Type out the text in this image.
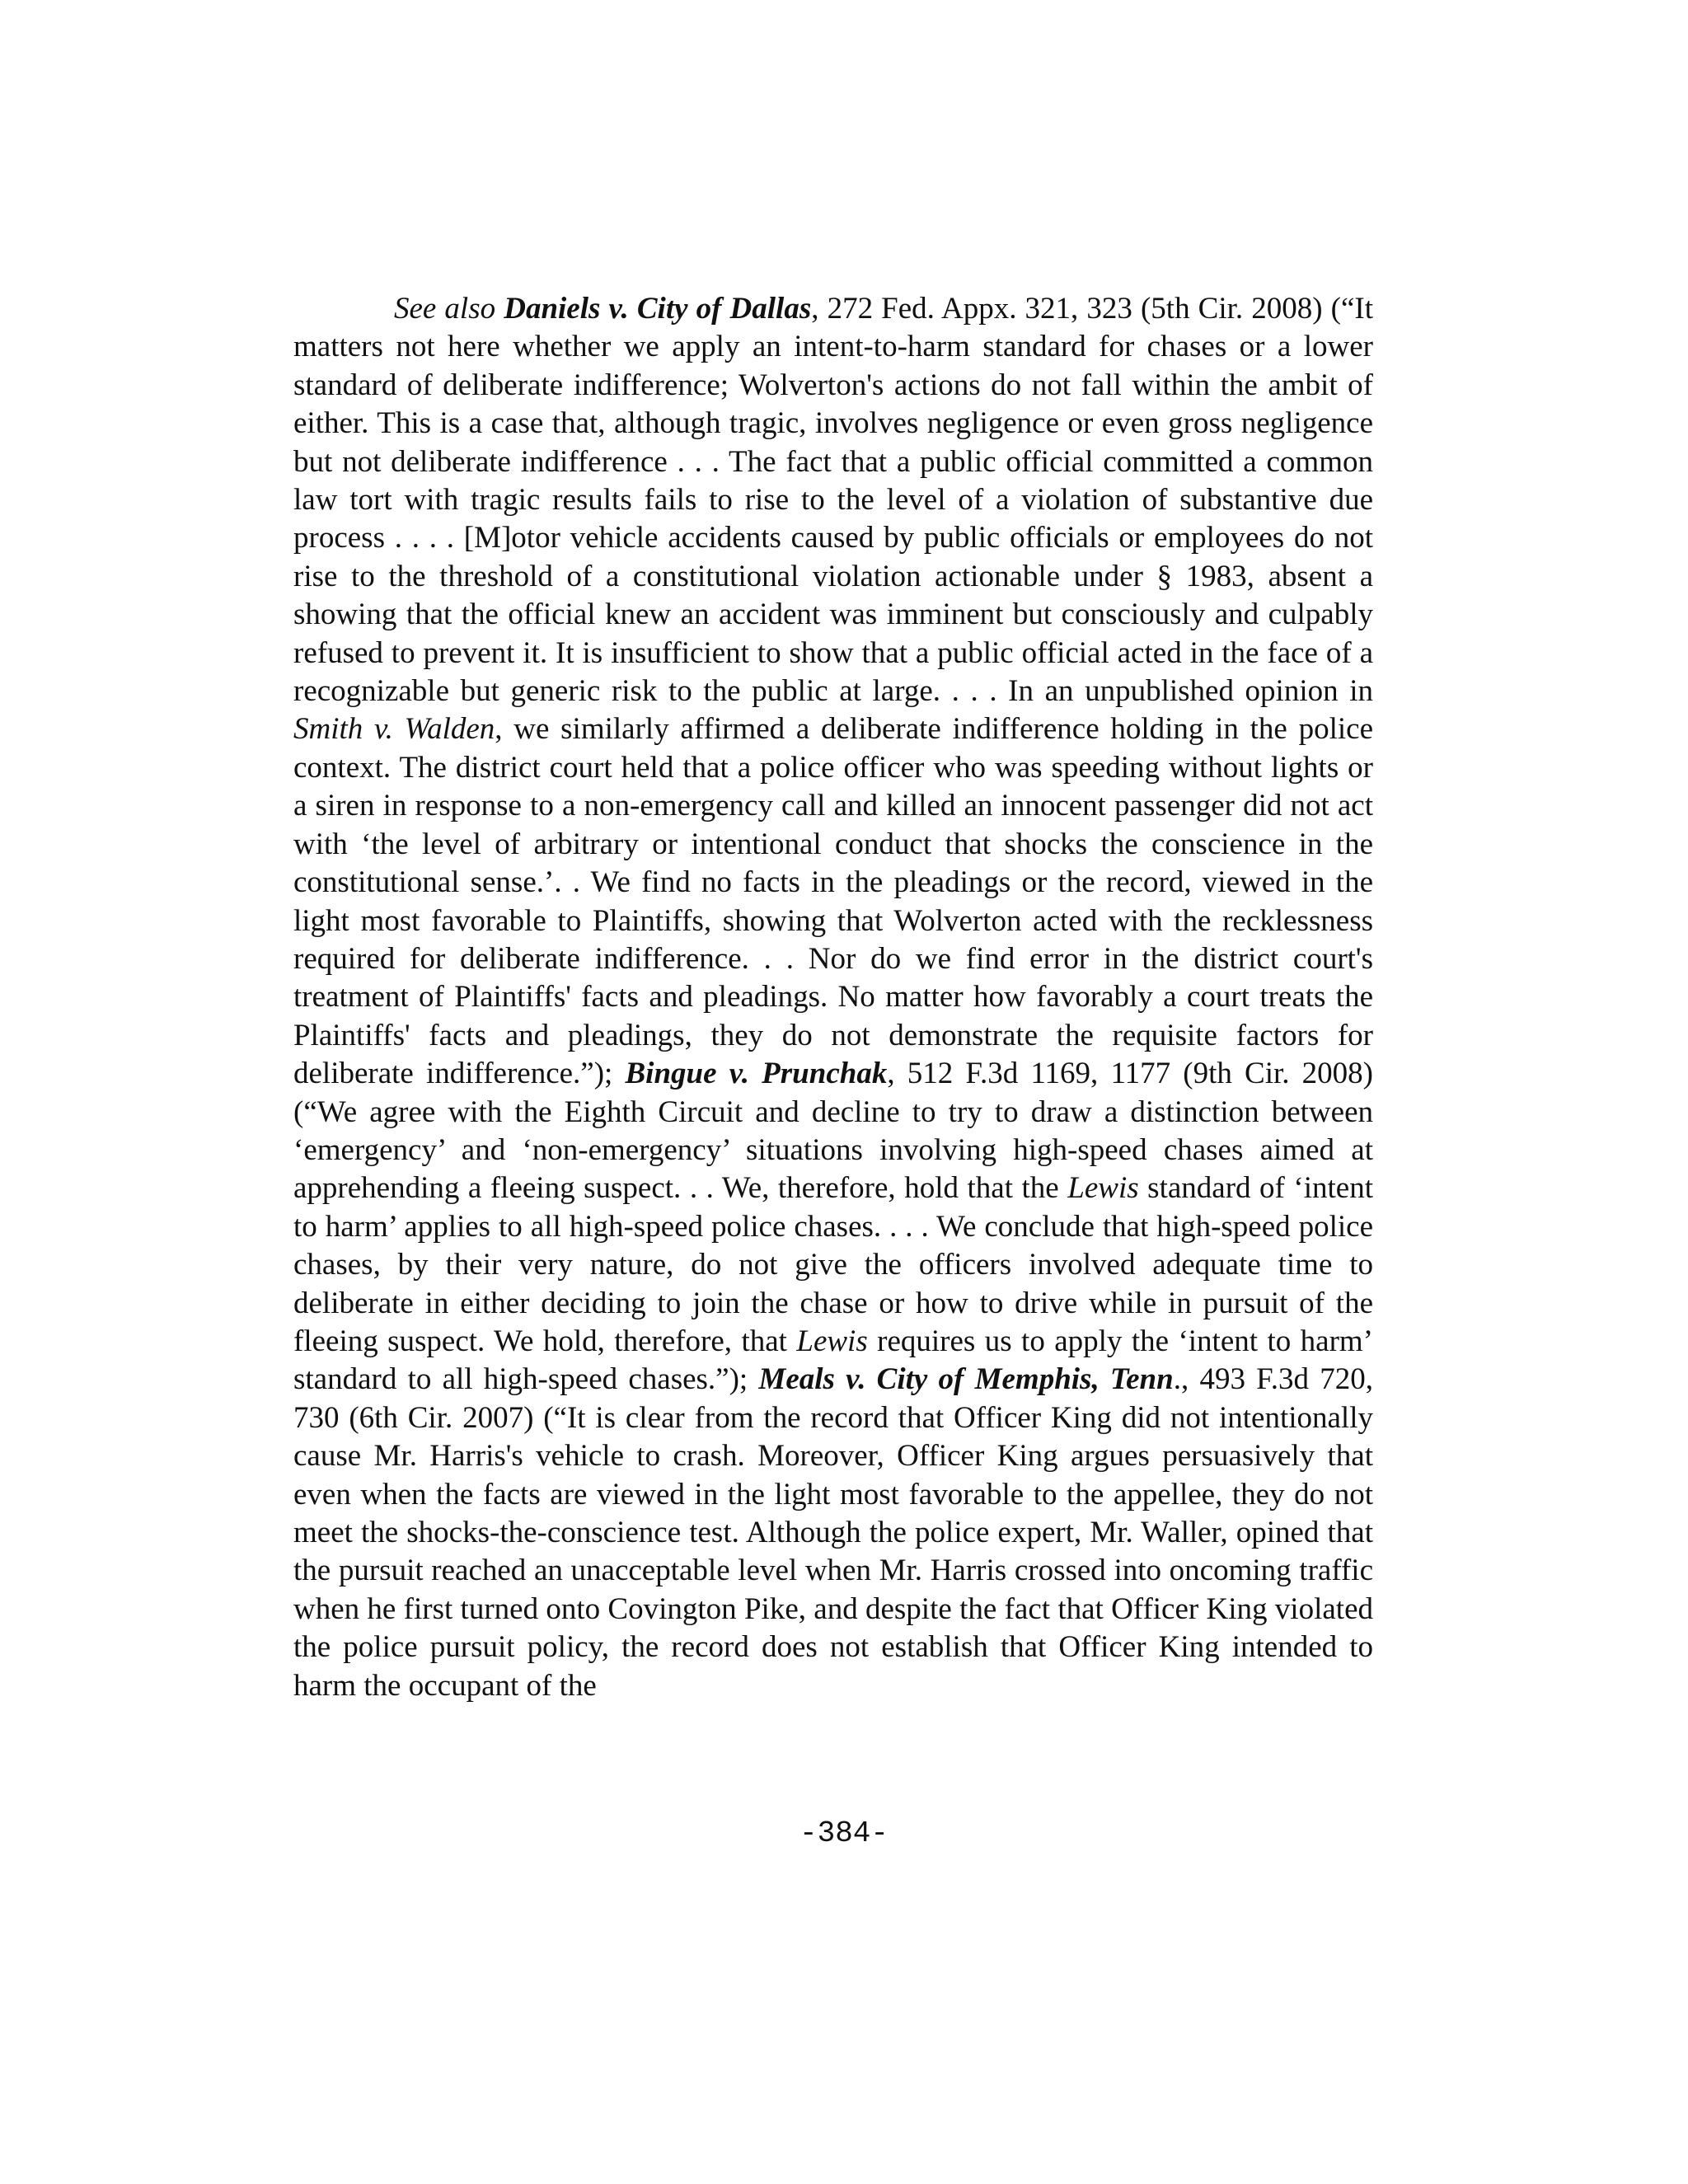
See also Daniels v. City of Dallas, 272 Fed. Appx. 321, 323 (5th Cir. 2008) (“It matters not here whether we apply an intent-to-harm standard for chases or a lower standard of deliberate indifference; Wolverton's actions do not fall within the ambit of either. This is a case that, although tragic, involves negligence or even gross negligence but not deliberate indifference . . . The fact that a public official committed a common law tort with tragic results fails to rise to the level of a violation of substantive due process . . . . [M]otor vehicle accidents caused by public officials or employees do not rise to the threshold of a constitutional violation actionable under § 1983, absent a showing that the official knew an accident was imminent but consciously and culpably refused to prevent it. It is insufficient to show that a public official acted in the face of a recognizable but generic risk to the public at large. . . . In an unpublished opinion in Smith v. Walden, we similarly affirmed a deliberate indifference holding in the police context. The district court held that a police officer who was speeding without lights or a siren in response to a non-emergency call and killed an innocent passenger did not act with ‘the level of arbitrary or intentional conduct that shocks the conscience in the constitutional sense.’. . We find no facts in the pleadings or the record, viewed in the light most favorable to Plaintiffs, showing that Wolverton acted with the recklessness required for deliberate indifference. . . Nor do we find error in the district court's treatment of Plaintiffs' facts and pleadings. No matter how favorably a court treats the Plaintiffs' facts and pleadings, they do not demonstrate the requisite factors for deliberate indifference.”); Bingue v. Prunchak, 512 F.3d 1169, 1177 (9th Cir. 2008) (“We agree with the Eighth Circuit and decline to try to draw a distinction between ‘emergency’ and ‘non-emergency’ situations involving high-speed chases aimed at apprehending a fleeing suspect. . . We, therefore, hold that the Lewis standard of ‘intent to harm’ applies to all high-speed police chases. . . . We conclude that high-speed police chases, by their very nature, do not give the officers involved adequate time to deliberate in either deciding to join the chase or how to drive while in pursuit of the fleeing suspect. We hold, therefore, that Lewis requires us to apply the ‘intent to harm’ standard to all high-speed chases.”); Meals v. City of Memphis, Tenn., 493 F.3d 720, 730 (6th Cir. 2007) (“It is clear from the record that Officer King did not intentionally cause Mr. Harris's vehicle to crash. Moreover, Officer King argues persuasively that even when the facts are viewed in the light most favorable to the appellee, they do not meet the shocks-the-conscience test. Although the police expert, Mr. Waller, opined that the pursuit reached an unacceptable level when Mr. Harris crossed into oncoming traffic when he first turned onto Covington Pike, and despite the fact that Officer King violated the police pursuit policy, the record does not establish that Officer King intended to harm the occupant of the

-384-
